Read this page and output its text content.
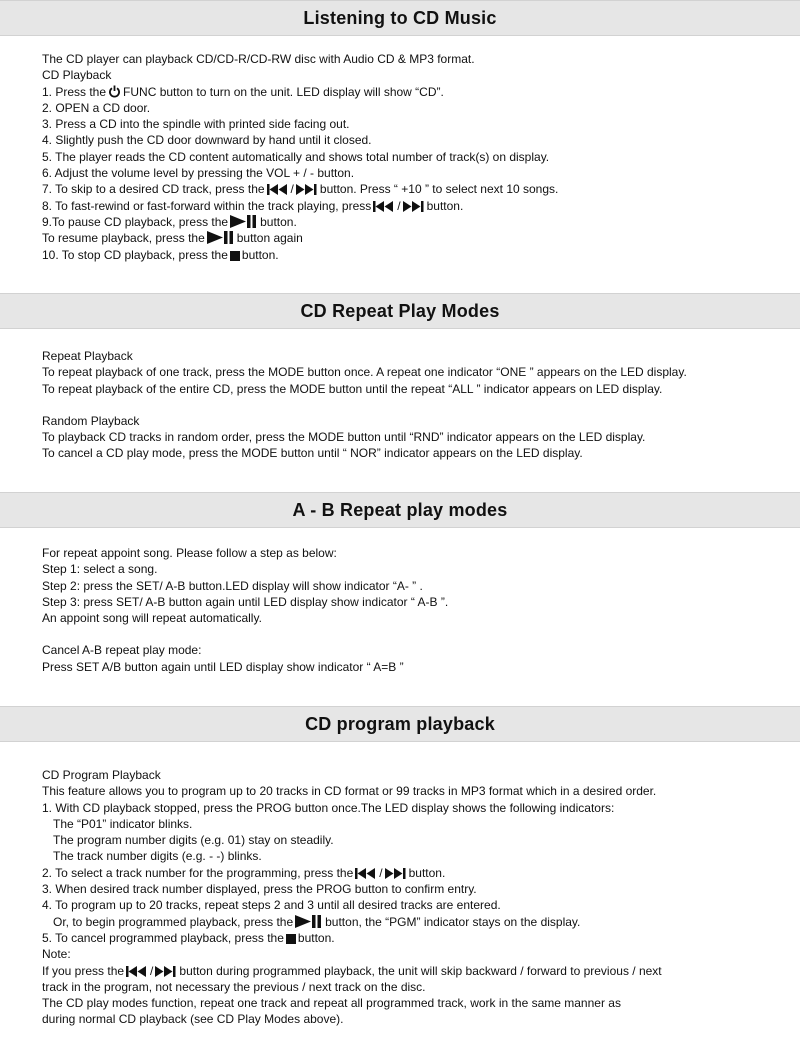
Listening to CD Music
The CD player can playback CD/CD-R/CD-RW disc with Audio CD & MP3 format.
CD Playback
1. Press the FUNC button to turn on the unit. LED display will show “CD”.
2. OPEN a CD door.
3. Press a CD into the spindle with printed side facing out.
4. Slightly push the CD door downward by hand until it closed.
5. The player reads the CD content automatically and shows total number of track(s) on display.
6. Adjust the volume level by pressing the VOL + / - button.
7. To skip to a desired CD track, press the / button. Press “ +10 ” to select next 10 songs.
8. To fast-rewind or fast-forward within the track playing, press / button.
9.To pause CD playback, press the	button.
To resume playback, press the	button again
10. To stop CD playback, press the button.
CD Repeat Play Modes
Repeat Playback
To repeat playback of one track, press the MODE button once. A repeat one indicator “ONE ” appears on the LED display.
To repeat playback of the entire CD, press the MODE button until the repeat “ALL ” indicator appears on LED display.
Random Playback
To playback CD tracks in random order, press the MODE button until “RND” indicator appears on the LED display.
To cancel a CD play mode, press the MODE button until “ NOR” indicator appears on the LED display.
A - B Repeat play modes
For repeat appoint song. Please follow a step as below:
Step 1: select a song.
Step 2: press the SET/ A-B button.LED display will show indicator “A- ” .
Step 3: press SET/ A-B button again until LED display show indicator “ A-B ”.
An appoint song will repeat automatically.
Cancel A-B repeat play mode:
Press SET A/B button again until LED display show indicator “ A=B ”
CD program playback
CD Program Playback
This feature allows you to program up to 20 tracks in CD format or 99 tracks in MP3 format which in a desired order.
1. With CD playback stopped, press the PROG button once.The LED display shows the following indicators:
The “P01” indicator blinks.
The program number digits (e.g. 01) stay on steadily.
The track number digits (e.g. - -) blinks.
2. To select a track number for the programming, press the / button.
3. When desired track number displayed, press the PROG button to confirm entry.
4. To program up to 20 tracks, repeat steps 2 and 3 until all desired tracks are entered.
Or, to begin programmed playback, press the	button, the “PGM” indicator stays on the display.
5. To cancel programmed playback, press the button.
Note:
If you press the / button during programmed playback, the unit will skip backward / forward to previous / next
track in the program, not necessary the previous / next track on the disc.
The CD play modes function, repeat one track and repeat all programmed track, work in the same manner as
during normal CD playback (see CD Play Modes above).
